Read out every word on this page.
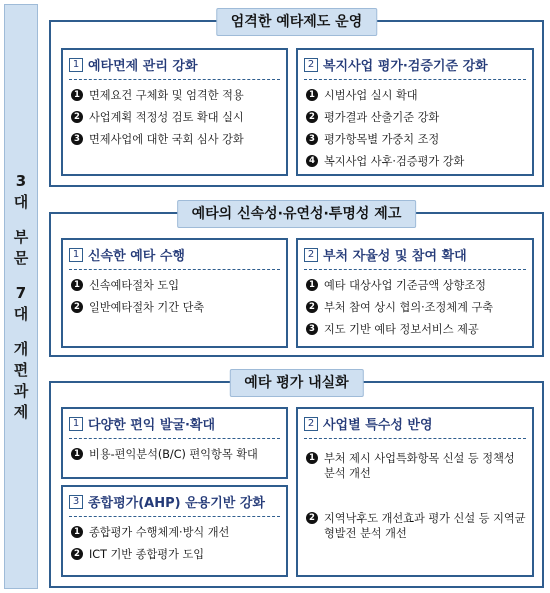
3
대
부
문
7
대
개
편
과
제
엄격한 예타제도 운영
1 예타면제 관리 강화
1 면제요건 구체화 및 엄격한 적용
2 사업계획 적정성 검토 확대 실시
3 면제사업에 대한 국회 심사 강화
2 복지사업 평가·검증기준 강화
1 시범사업 실시 확대
2 평가결과 산출기준 강화
3 평가항목별 가중치 조정
4 복지사업 사후·검증평가 강화
예타의 신속성·유연성·투명성 제고
1 신속한 예타 수행
1 신속예타절차 도입
2 일반예타절차 기간 단축
2 부처 자율성 및 참여 확대
1 예타 대상사업 기준금액 상향조정
2 부처 참여 상시 협의·조정체계 구축
3 지도 기반 예타 정보서비스 제공
예타 평가 내실화
1 다양한 편익 발굴·확대
1 비용-편익분석(B/C) 편익항목 확대
3 종합평가(AHP) 운용기반 강화
1 종합평가 수행체계·방식 개선
2 ICT 기반 종합평가 도입
2 사업별 특수성 반영
1 부처 제시 사업특화항목 신설 등 정책성 분석 개선
2 지역낙후도 개선효과 평가 신설 등 지역균형발전 분석 개선
